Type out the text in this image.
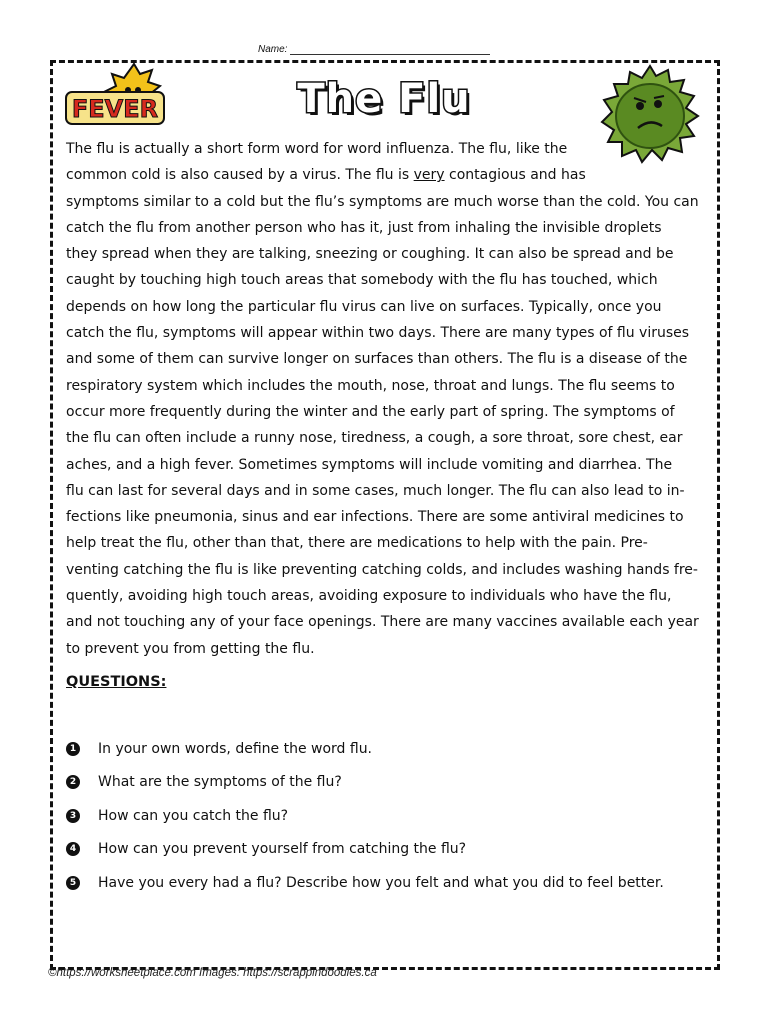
Name:
FEVER	The Flu
The flu is actually a short form word for word influenza. The flu, like the
common cold is also caused by a virus. The flu is very contagious and has
symptoms similar to a cold but the flu’s symptoms are much worse than the cold. You can
catch the flu from another person who has it, just from inhaling the invisible droplets
they spread when they are talking, sneezing or coughing. It can also be spread and be
caught by touching high touch areas that somebody with the flu has touched, which
depends on how long the particular flu virus can live on surfaces. Typically, once you
catch the flu, symptoms will appear within two days. There are many types of flu viruses
and some of them can survive longer on surfaces than others. The flu is a disease of the
respiratory system which includes the mouth, nose, throat and lungs. The flu seems to
occur more frequently during the winter and the early part of spring. The symptoms of
the flu can often include a runny nose, tiredness, a cough, a sore throat, sore chest, ear
aches, and a high fever. Sometimes symptoms will include vomiting and diarrhea. The
flu can last for several days and in some cases, much longer. The flu can also lead to in-
fections like pneumonia, sinus and ear infections. There are some antiviral medicines to
help treat the flu, other than that, there are medications to help with the pain. Pre-
venting catching the flu is like preventing catching colds, and includes washing hands fre-
quently, avoiding high touch areas, avoiding exposure to individuals who have the flu,
and not touching any of your face openings. There are many vaccines available each year
to prevent you from getting the flu.
QUESTIONS:
1 In your own words, define the word flu.
2 What are the symptoms of the flu?
3 How can you catch the flu?
4 How can you prevent yourself from catching the flu?
5 Have you every had a flu? Describe how you felt and what you did to feel better.
©https://worksheetplace.com Images: https://scrappindoodles.ca
